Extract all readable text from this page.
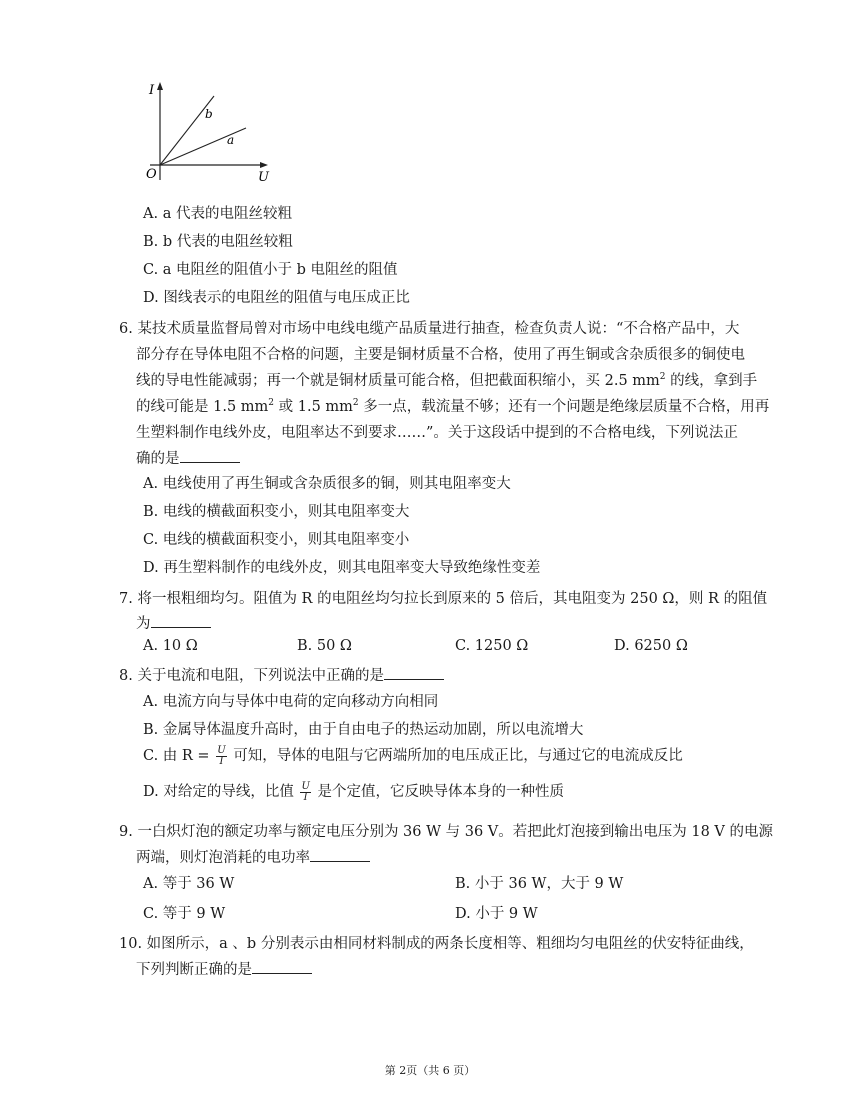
I
U
O
b
a
A. a 代表的电阻丝较粗
B. b 代表的电阻丝较粗
C. a 电阻丝的阻值小于 b 电阻丝的阻值
D. 图线表示的电阻丝的阻值与电压成正比
6. 某技术质量监督局曾对市场中电线电缆产品质量进行抽查，检查负责人说：“不合格产品中，大
部分存在导体电阻不合格的问题，主要是铜材质量不合格，使用了再生铜或含杂质很多的铜使电
线的导电性能减弱；再一个就是铜材质量可能合格，但把截面积缩小，买 2.5 $mm^2$ 的线，拿到手
的线可能是 1.5 $mm^2$ 或 1.5 $mm^2$ 多一点，载流量不够；还有一个问题是绝缘层质量不合格，用再
生塑料制作电线外皮，电阻率达不到要求……”。关于这段话中提到的不合格电线，下列说法正
确的是
A. 电线使用了再生铜或含杂质很多的铜，则其电阻率变大
B. 电线的横截面积变小，则其电阻率变大
C. 电线的横截面积变小，则其电阻率变小
D. 再生塑料制作的电线外皮，则其电阻率变大导致绝缘性变差
7. 将一根粗细均匀。阻值为 R 的电阻丝均匀拉长到原来的 5 倍后，其电阻变为 250 Ω，则 R 的阻值
为
A. 10 Ω	B. 50 Ω	C. 1250 Ω	D. 6250 Ω
8. 关于电流和电阻，下列说法中正确的是
A. 电流方向与导体中电荷的定向移动方向相同
B. 金属导体温度升高时，由于自由电子的热运动加剧，所以电流增大
C. 由 $R = \frac{U}{I}$ 可知，导体的电阻与它两端所加的电压成正比，与通过它的电流成反比
D. 对给定的导线，比值 $\frac{U}{I}$ 是个定值，它反映导体本身的一种性质
9. 一白炽灯泡的额定功率与额定电压分别为 36 W 与 36 V。若把此灯泡接到输出电压为 18 V 的电源
两端，则灯泡消耗的电功率
A. 等于 36 W	B. 小于 36 W，大于 9 W
C. 等于 9 W	D. 小于 9 W
10. 如图所示，a 、b 分别表示由相同材料制成的两条长度相等、粗细均匀电阻丝的伏安特征曲线，
下列判断正确的是
第 2页（共 6 页）
